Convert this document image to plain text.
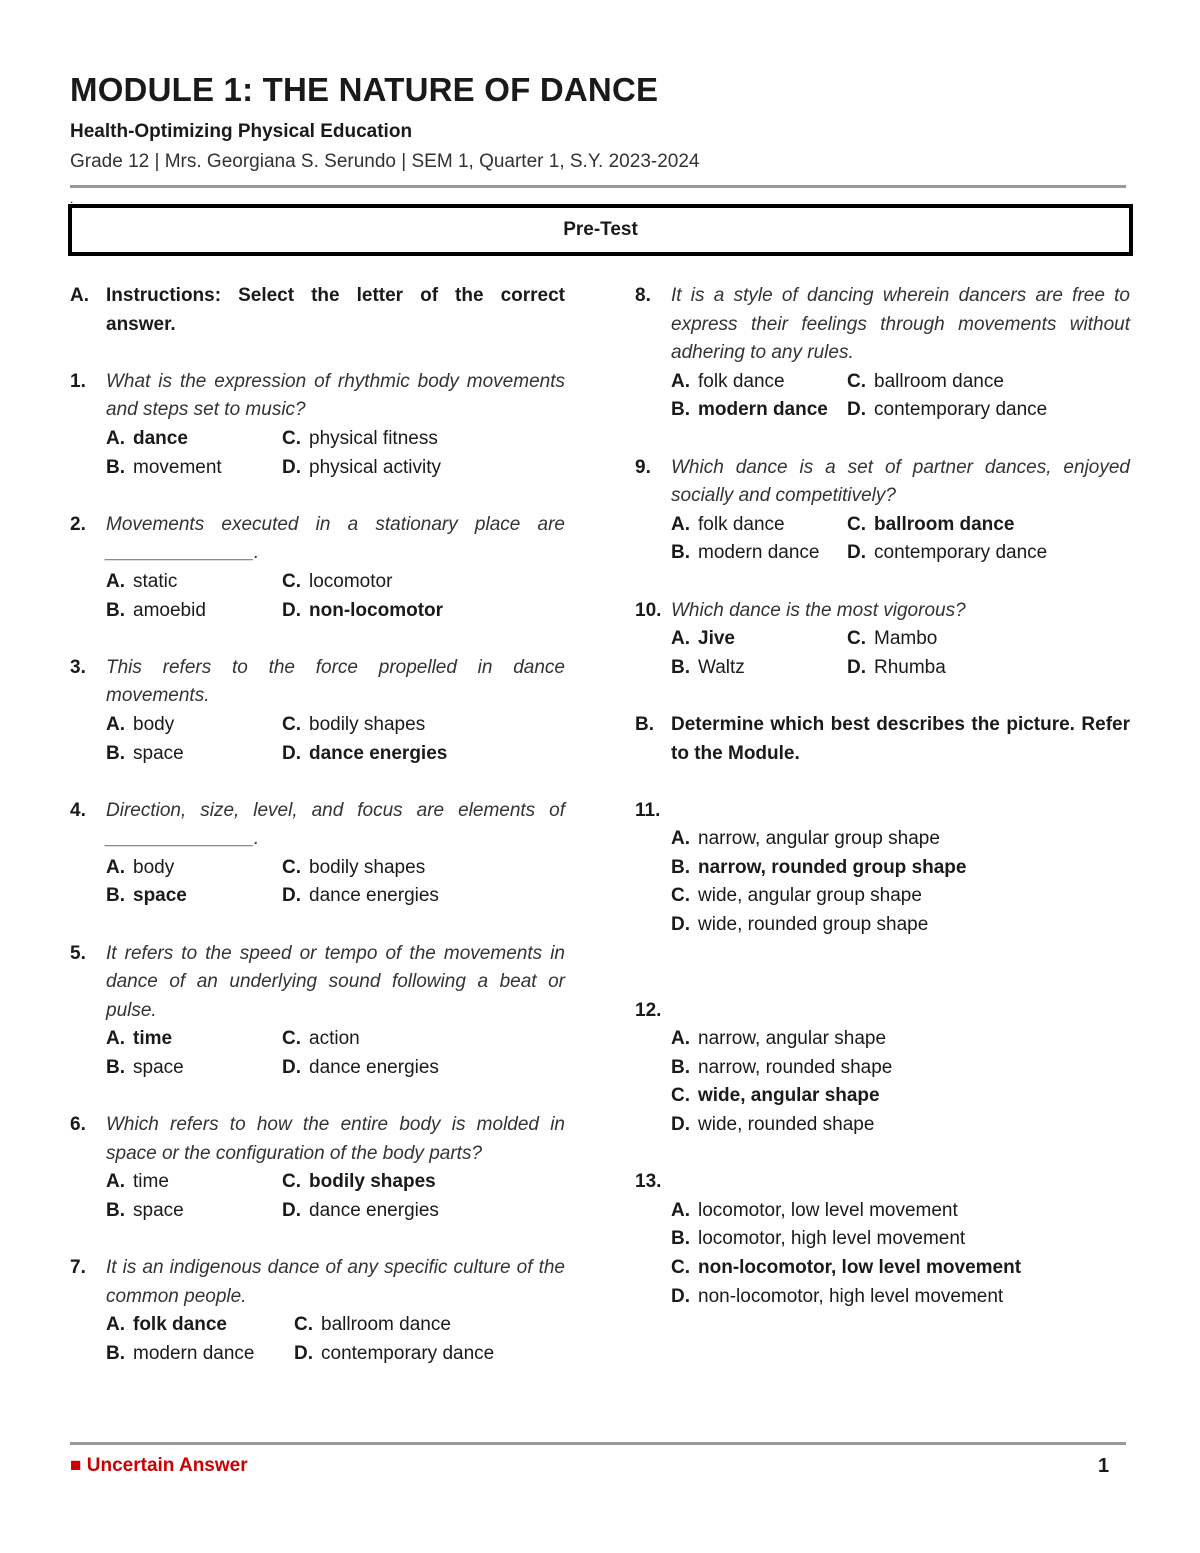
MODULE 1: THE NATURE OF DANCE
Health-Optimizing Physical Education
Grade 12 | Mrs. Georgiana S. Serundo | SEM 1, Quarter 1, S.Y. 2023-2024
.
Pre-Test
A. Instructions: Select the letter of the correct answer.
1. What is the expression of rhythmic body movements and steps set to music?
A. dance	C. physical fitness
B. movement	D. physical activity
2. Movements executed in a stationary place are ______________.
A. static	C. locomotor
B. amoebid	D. non-locomotor
3. This refers to the force propelled in dance movements.
A. body	C. bodily shapes
B. space	D. dance energies
4. Direction, size, level, and focus are elements of ______________.
A. body	C. bodily shapes
B. space	D. dance energies
5. It refers to the speed or tempo of the movements in dance of an underlying sound following a beat or pulse.
A. time	C. action
B. space	D. dance energies
6. Which refers to how the entire body is molded in space or the configuration of the body parts?
A. time	C. bodily shapes
B. space	D. dance energies
7. It is an indigenous dance of any specific culture of the common people.
A. folk dance	C. ballroom dance
B. modern dance	D. contemporary dance
8. It is a style of dancing wherein dancers are free to express their feelings through movements without adhering to any rules.
A. folk dance	C. ballroom dance
B. modern dance	D. contemporary dance
9. Which dance is a set of partner dances, enjoyed socially and competitively?
A. folk dance	C. ballroom dance
B. modern dance	D. contemporary dance
10. Which dance is the most vigorous?
A. Jive	C. Mambo
B. Waltz	D. Rhumba
B. Determine which best describes the picture. Refer to the Module.
11.
A. narrow, angular group shape
B. narrow, rounded group shape
C. wide, angular group shape
D. wide, rounded group shape
12.
A. narrow, angular shape
B. narrow, rounded shape
C. wide, angular shape
D. wide, rounded shape
13.
A. locomotor, low level movement
B. locomotor, high level movement
C. non-locomotor, low level movement
D. non-locomotor, high level movement
■ Uncertain Answer	1
